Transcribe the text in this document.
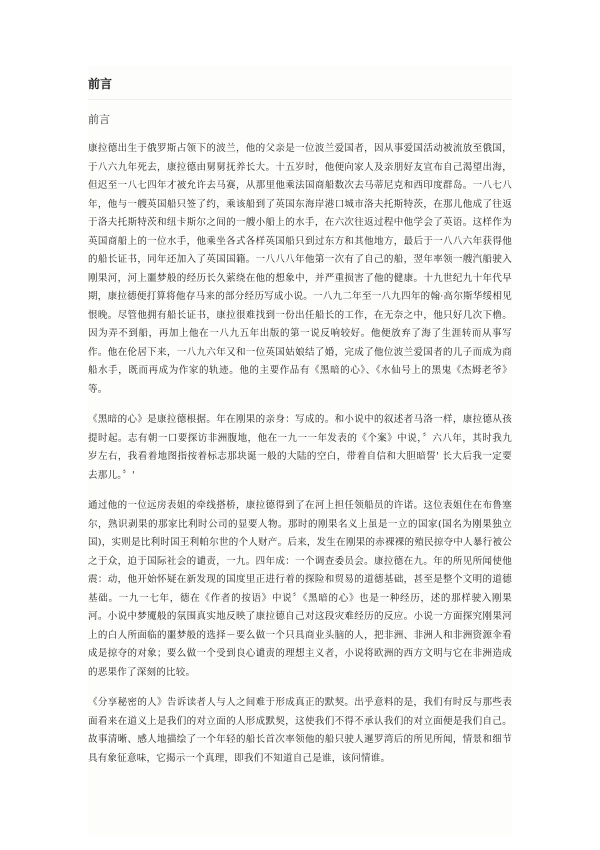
前言
前言

康拉德出生于俄罗斯占领下的波兰，他的父亲是一位波兰爱国者，因从事爱国活动被流放至俄国，于八六九年死去，康拉德由舅舅抚养长大。十五岁时，他便向家人及亲朋好友宣布自己渴望出海，但迟至一八七四年才被允许去马赛，从那里他乘法国商船数次去马蒂尼克和西印度群岛。一八七八年，他与一艘英国船只签了约，乘该船到了英国东海岸港口城市洛夫托斯特茨，在那儿他成了往返于洛夫托斯特茨和纽卡斯尔之间的一艘小船上的水手，在六次往返过程中他学会了英语。这样作为英国商船上的一位水手，他乘坐各式各样英国船只到过东方和其他地方，最后于一八八六年获得他的船长证书，同年还加入了英国国籍。一八八八年他第一次有了自己的船，翌年率领一艘汽船驶入刚果河，河上噩梦般的经历长久萦绕在他的想象中，并严重损害了他的健康。十九世纪九十年代早期，康拉德便打算将他存马来的部分经历写成小说。一八九二年至一八九四年的翰·高尔斯华绥相见恨晚。尽管他拥有船长证书，康拉很难找到一份出任船长的工作，在无奈之中，他只好几次下橹。因为弄不到船，再加上他在一八九五年出版的第一说反响较好。他便放弃了海了生涯转而从事写作。他在伦居下来，一八九六年又和一位英国姑娘结了婚，完成了他位波兰爱国者的儿子而成为商船水手，既而再成为作家的轨迹。他的主要作品有《黑暗的心》、《水仙号上的黑鬼《杰姆老爷》等。

《黑暗的心》是康拉德根据。年在刚果的亲身：写成的。和小说中的叙述者马洛一样，康拉德从孩提时起。志有朝一口要探访非洲腹地，他在一九一一年发表的《个案》中说，〞六八年，其时我九岁左右，我看着地图指按着标志那块诞一般的大陆的空白，带着自信和大胆暗誓' 长大后我一定要去那儿。〞'

通过他的一位远房表姐的牵线搭桥，康拉德得到了在河上担任领船员的许诺。这位表姐住在布鲁塞尔，熟识剥果的那家比利时公司的显要人物。那时的刚果名义上虽是一立的国家(国名为刚果独立国)，实则是比利时国王利帕尔世的个人财产。后来，发生在刚果的赤裸裸的殖民掠夺中人暴行被公之于众，迫于国际社会的谴责，一九。四年成：一个调查委员会。康拉德在九。年的所见所闻使他震：动，他开始怀疑在新发现的国度里正进行着的探险和贸易的道德基础，甚至是整个文明的道德基础。一九一七年，德在《作者的按语》中说〞《黑暗的心》也是一种经历，述的那样驶入刚果河。小说中梦魇般的氛围真实地反映了康拉德自己对这段灾难经历的反应。小说一方面探究刚果河上的白人所面临的噩梦般的选择－要么做一个只具商业头脑的人，把非洲、非洲人和非洲资源伞看成是掠夺的对象；要么做一个受到良心谴责的理想主义者，小说将欧洲的西方文明与它在非洲造成的恶果作了深刻的比较。

《分享秘密的人》告诉读者人与人之间难于形成真正的默契。出乎意料的是，我们有时反与那些表面看来在道义上是我们的对立面的人形成默契，这使我们不得不承认我们的对立面便是我们自己。故事清晰、感人地描绘了一个年轻的船长首次率领他的船只驶人暹罗湾后的所见所闻，情景和细节具有象征意味，它揭示一个真理，即我们不知道自己是谁，该问情谁。
